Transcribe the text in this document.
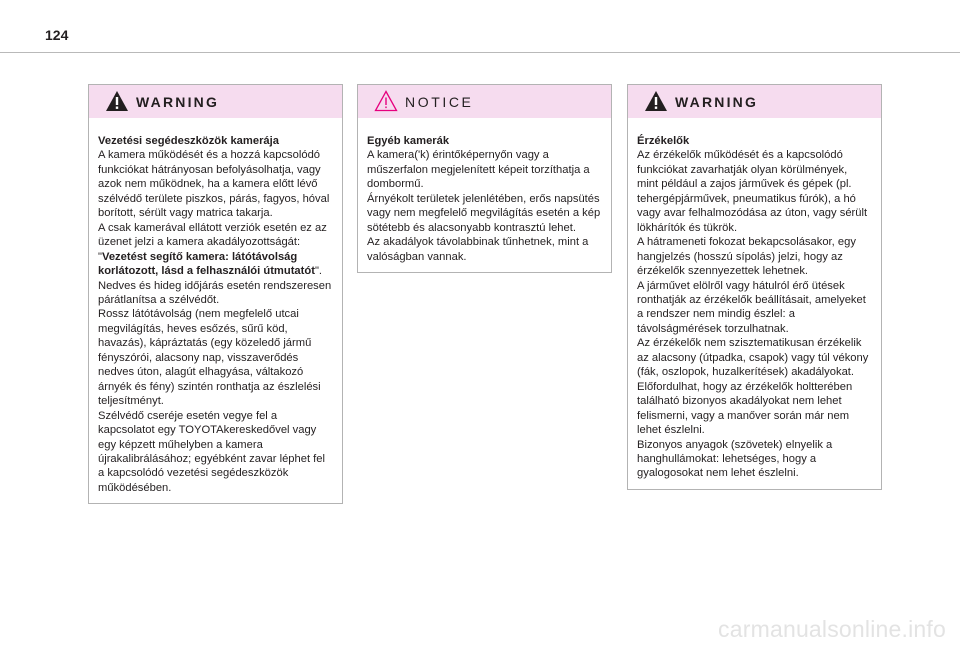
124
WARNING
Vezetési segédeszközök kamerája
A kamera működését és a hozzá kapcsolódó funkciókat hátrányosan befolyásolhatja, vagy azok nem működnek, ha a kamera előtt lévő szélvédő területe piszkos, párás, fagyos, hóval borított, sérült vagy matrica takarja.
A csak kamerával ellátott verziók esetén ez az üzenet jelzi a kamera akadályozottságát: "Vezetést segítő kamera: látótávolság korlátozott, lásd a felhasználói útmutatót".
Nedves és hideg időjárás esetén rendszeresen párátlanítsa a szélvédőt.
Rossz látótávolság (nem megfelelő utcai megvilágítás, heves esőzés, sűrű köd, havazás), kápráztatás (egy közeledő jármű fényszórói, alacsony nap, visszaverődés nedves úton, alagút elhagyása, váltakozó árnyék és fény) szintén ronthatja az észlelési teljesítményt.
Szélvédő cseréje esetén vegye fel a kapcsolatot egy TOYOTAkereskedővel vagy egy képzett műhelyben a kamera újrakalibrálásához; egyébként zavar léphet fel a kapcsolódó vezetési segédeszközök működésében.
NOTICE
Egyéb kamerák
A kamera('k) érintőképernyőn vagy a műszerfalon megjelenített képeit torzíthatja a dombormű.
Árnyékolt területek jelenlétében, erős napsütés vagy nem megfelelő megvilágítás esetén a kép sötétebb és alacsonyabb kontrasztú lehet.
Az akadályok távolabbinak tűnhetnek, mint a valóságban vannak.
WARNING
Érzékelők
Az érzékelők működését és a kapcsolódó funkciókat zavarhatják olyan körülmények, mint például a zajos járművek és gépek (pl. tehergépjárművek, pneumatikus fúrók), a hó vagy avar felhalmozódása az úton, vagy sérült lökhárítók és tükrök.
A hátrameneti fokozat bekapcsolásakor, egy hangjelzés (hosszú sípolás) jelzi, hogy az érzékelők szennyezettek lehetnek.
A járművet elölről vagy hátulról érő ütések ronthatják az érzékelők beállításait, amelyeket a rendszer nem mindig észlel: a távolságmérések torzulhatnak.
Az érzékelők nem szisztematikusan érzékelik az alacsony (útpadka, csapok) vagy túl vékony (fák, oszlopok, huzalkerítések) akadályokat.
Előfordulhat, hogy az érzékelők holtterében található bizonyos akadályokat nem lehet felismerni, vagy a manőver során már nem lehet észlelni.
Bizonyos anyagok (szövetek) elnyelik a hanghullámokat: lehetséges, hogy a gyalogosokat nem lehet észlelni.
carmanualsonline.info
